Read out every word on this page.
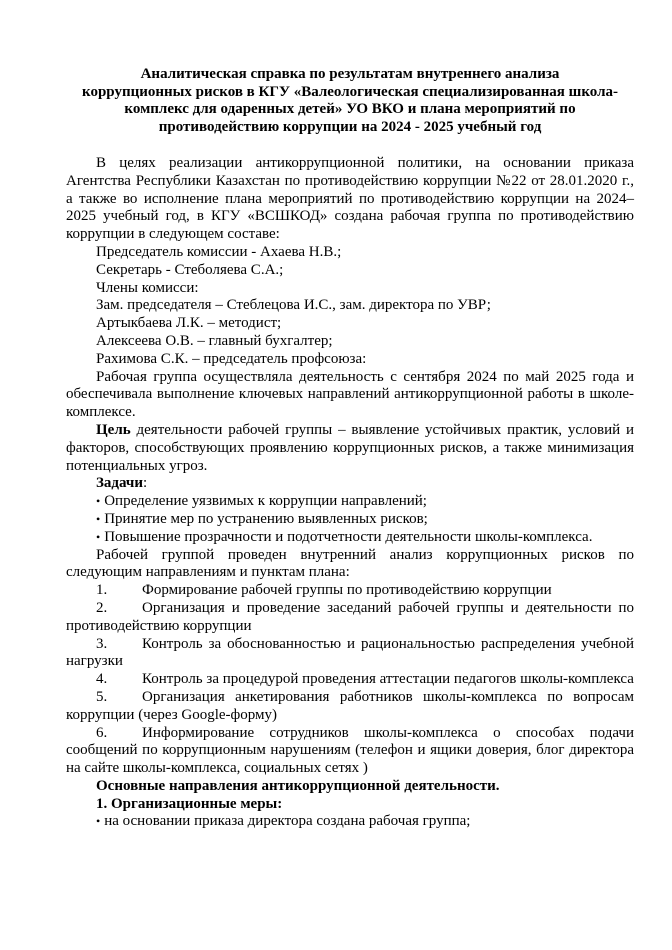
Аналитическая справка по результатам внутреннего анализа
коррупционных рисков в КГУ «Валеологическая специализированная школа-
комплекс для одаренных детей» УО ВКО и плана мероприятий по
противодействию коррупции на 2024 - 2025 учебный год

В целях реализации антикоррупционной политики, на основании приказа Агентства Республики Казахстан по противодействию коррупции №22 от 28.01.2020 г., а также во исполнение плана мероприятий по противодействию коррупции на 2024–2025 учебный год, в КГУ «ВСШКОД» создана рабочая группа по противодействию коррупции в следующем составе:

Председатель комиссии - Ахаева Н.В.;
Секретарь - Стеболяева С.А.;
Члены комисси:
Зам. председателя – Стеблецова И.С., зам. директора по УВР;
Артыкбаева Л.К. – методист;
Алексеева О.В. – главный бухгалтер;
Рахимова С.К. – председатель профсоюза:

Рабочая группа осуществляла деятельность с сентября 2024 по май 2025 года и обеспечивала выполнение ключевых направлений антикоррупционной работы в школе-комплексе.

Цель деятельности рабочей группы – выявление устойчивых практик, условий и факторов, способствующих проявлению коррупционных рисков, а также минимизация потенциальных угроз.

Задачи:
• Определение уязвимых к коррупции направлений;
• Принятие мер по устранению выявленных рисков;
• Повышение прозрачности и подотчетности деятельности школы-комплекса.

Рабочей группой проведен внутренний анализ коррупционных рисков по следующим направлениям и пунктам плана:

1. Формирование рабочей группы по противодействию коррупции

2. Организация и проведение заседаний рабочей группы и деятельности по противодействию коррупции

3. Контроль за обоснованностью и рациональностью распределения учебной нагрузки

4. Контроль за процедурой проведения аттестации педагогов школы-комплекса

5. Организация анкетирования работников школы-комплекса по вопросам коррупции (через Google-форму)

6. Информирование сотрудников школы-комплекса о способах подачи сообщений по коррупционным нарушениям (телефон и ящики доверия, блог директора на сайте школы-комплекса, социальных сетях )

Основные направления антикоррупционной деятельности.
1. Организационные меры:
• на основании приказа директора создана рабочая группа;
